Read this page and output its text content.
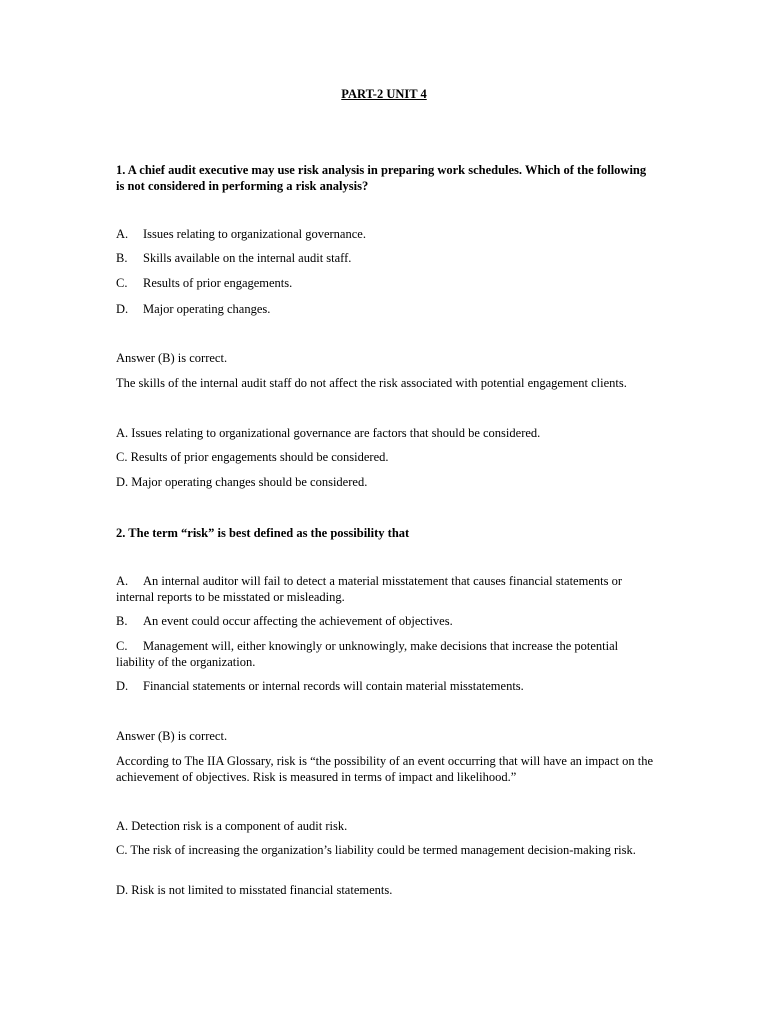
PART-2 UNIT 4
1. A chief audit executive may use risk analysis in preparing work schedules. Which of the following is not considered in performing a risk analysis?
A. Issues relating to organizational governance.
B. Skills available on the internal audit staff.
C. Results of prior engagements.
D. Major operating changes.
Answer (B) is correct.
The skills of the internal audit staff do not affect the risk associated with potential engagement clients.
A. Issues relating to organizational governance are factors that should be considered.
C. Results of prior engagements should be considered.
D. Major operating changes should be considered.
2. The term “risk” is best defined as the possibility that
A. An internal auditor will fail to detect a material misstatement that causes financial statements or internal reports to be misstated or misleading.
B. An event could occur affecting the achievement of objectives.
C. Management will, either knowingly or unknowingly, make decisions that increase the potential liability of the organization.
D. Financial statements or internal records will contain material misstatements.
Answer (B) is correct.
According to The IIA Glossary, risk is “the possibility of an event occurring that will have an impact on the achievement of objectives. Risk is measured in terms of impact and likelihood.”
A. Detection risk is a component of audit risk.
C. The risk of increasing the organization’s liability could be termed management decision-making risk.
D. Risk is not limited to misstated financial statements.
